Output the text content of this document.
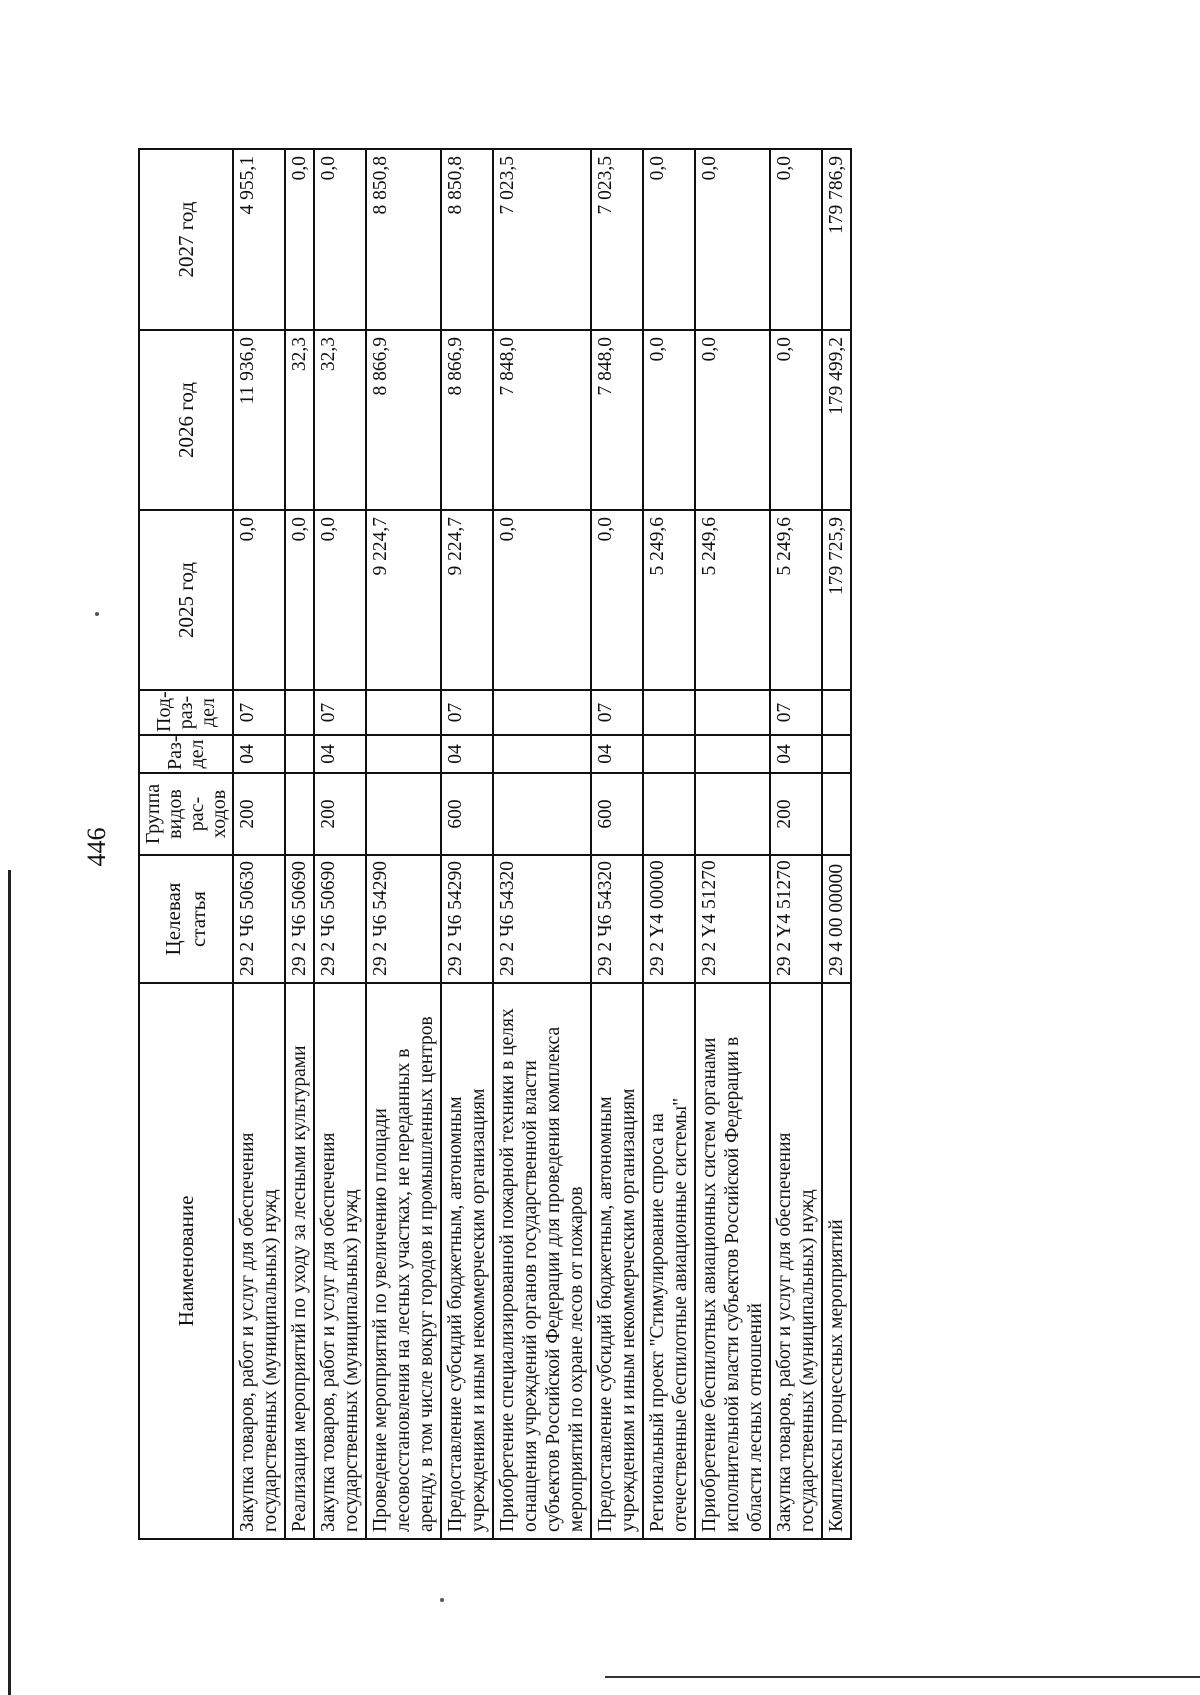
446
Наименование	Целевая статья	Группа видов рас- ходов	Раз- дел	Под- раз- дел	2025 год	2026 год	2027 год
Закупка товаров, работ и услуг для обеспечения государственных (муниципальных) нужд	29 2 Ч6 50630	200	04	07	0,0	11 936,0	4 955,1
Реализация мероприятий по уходу за лесными культурами	29 2 Ч6 50690				0,0	32,3	0,0
Закупка товаров, работ и услуг для обеспечения государственных (муниципальных) нужд	29 2 Ч6 50690	200	04	07	0,0	32,3	0,0
Проведение мероприятий по увеличению площади лесовосстановления на лесных участках, не переданных в аренду, в том числе вокруг городов и промышленных центров	29 2 Ч6 54290				9 224,7	8 866,9	8 850,8
Предоставление субсидий бюджетным, автономным учреждениям и иным некоммерческим организациям	29 2 Ч6 54290	600	04	07	9 224,7	8 866,9	8 850,8
Приобретение специализированной пожарной техники в целях оснащения учреждений органов государственной власти субъектов Российской Федерации для проведения комплекса мероприятий по охране лесов от пожаров	29 2 Ч6 54320				0,0	7 848,0	7 023,5
Предоставление субсидий бюджетным, автономным учреждениям и иным некоммерческим организациям	29 2 Ч6 54320	600	04	07	0,0	7 848,0	7 023,5
Региональный проект "Стимулирование спроса на отечественные беспилотные авиационные системы"	29 2 Y4 00000				5 249,6	0,0	0,0
Приобретение беспилотных авиационных систем органами исполнительной власти субъектов Российской Федерации в области лесных отношений	29 2 Y4 51270				5 249,6	0,0	0,0
Закупка товаров, работ и услуг для обеспечения государственных (муниципальных) нужд	29 2 Y4 51270	200	04	07	5 249,6	0,0	0,0
Комплексы процессных мероприятий	29 4 00 00000				179 725,9	179 499,2	179 786,9
